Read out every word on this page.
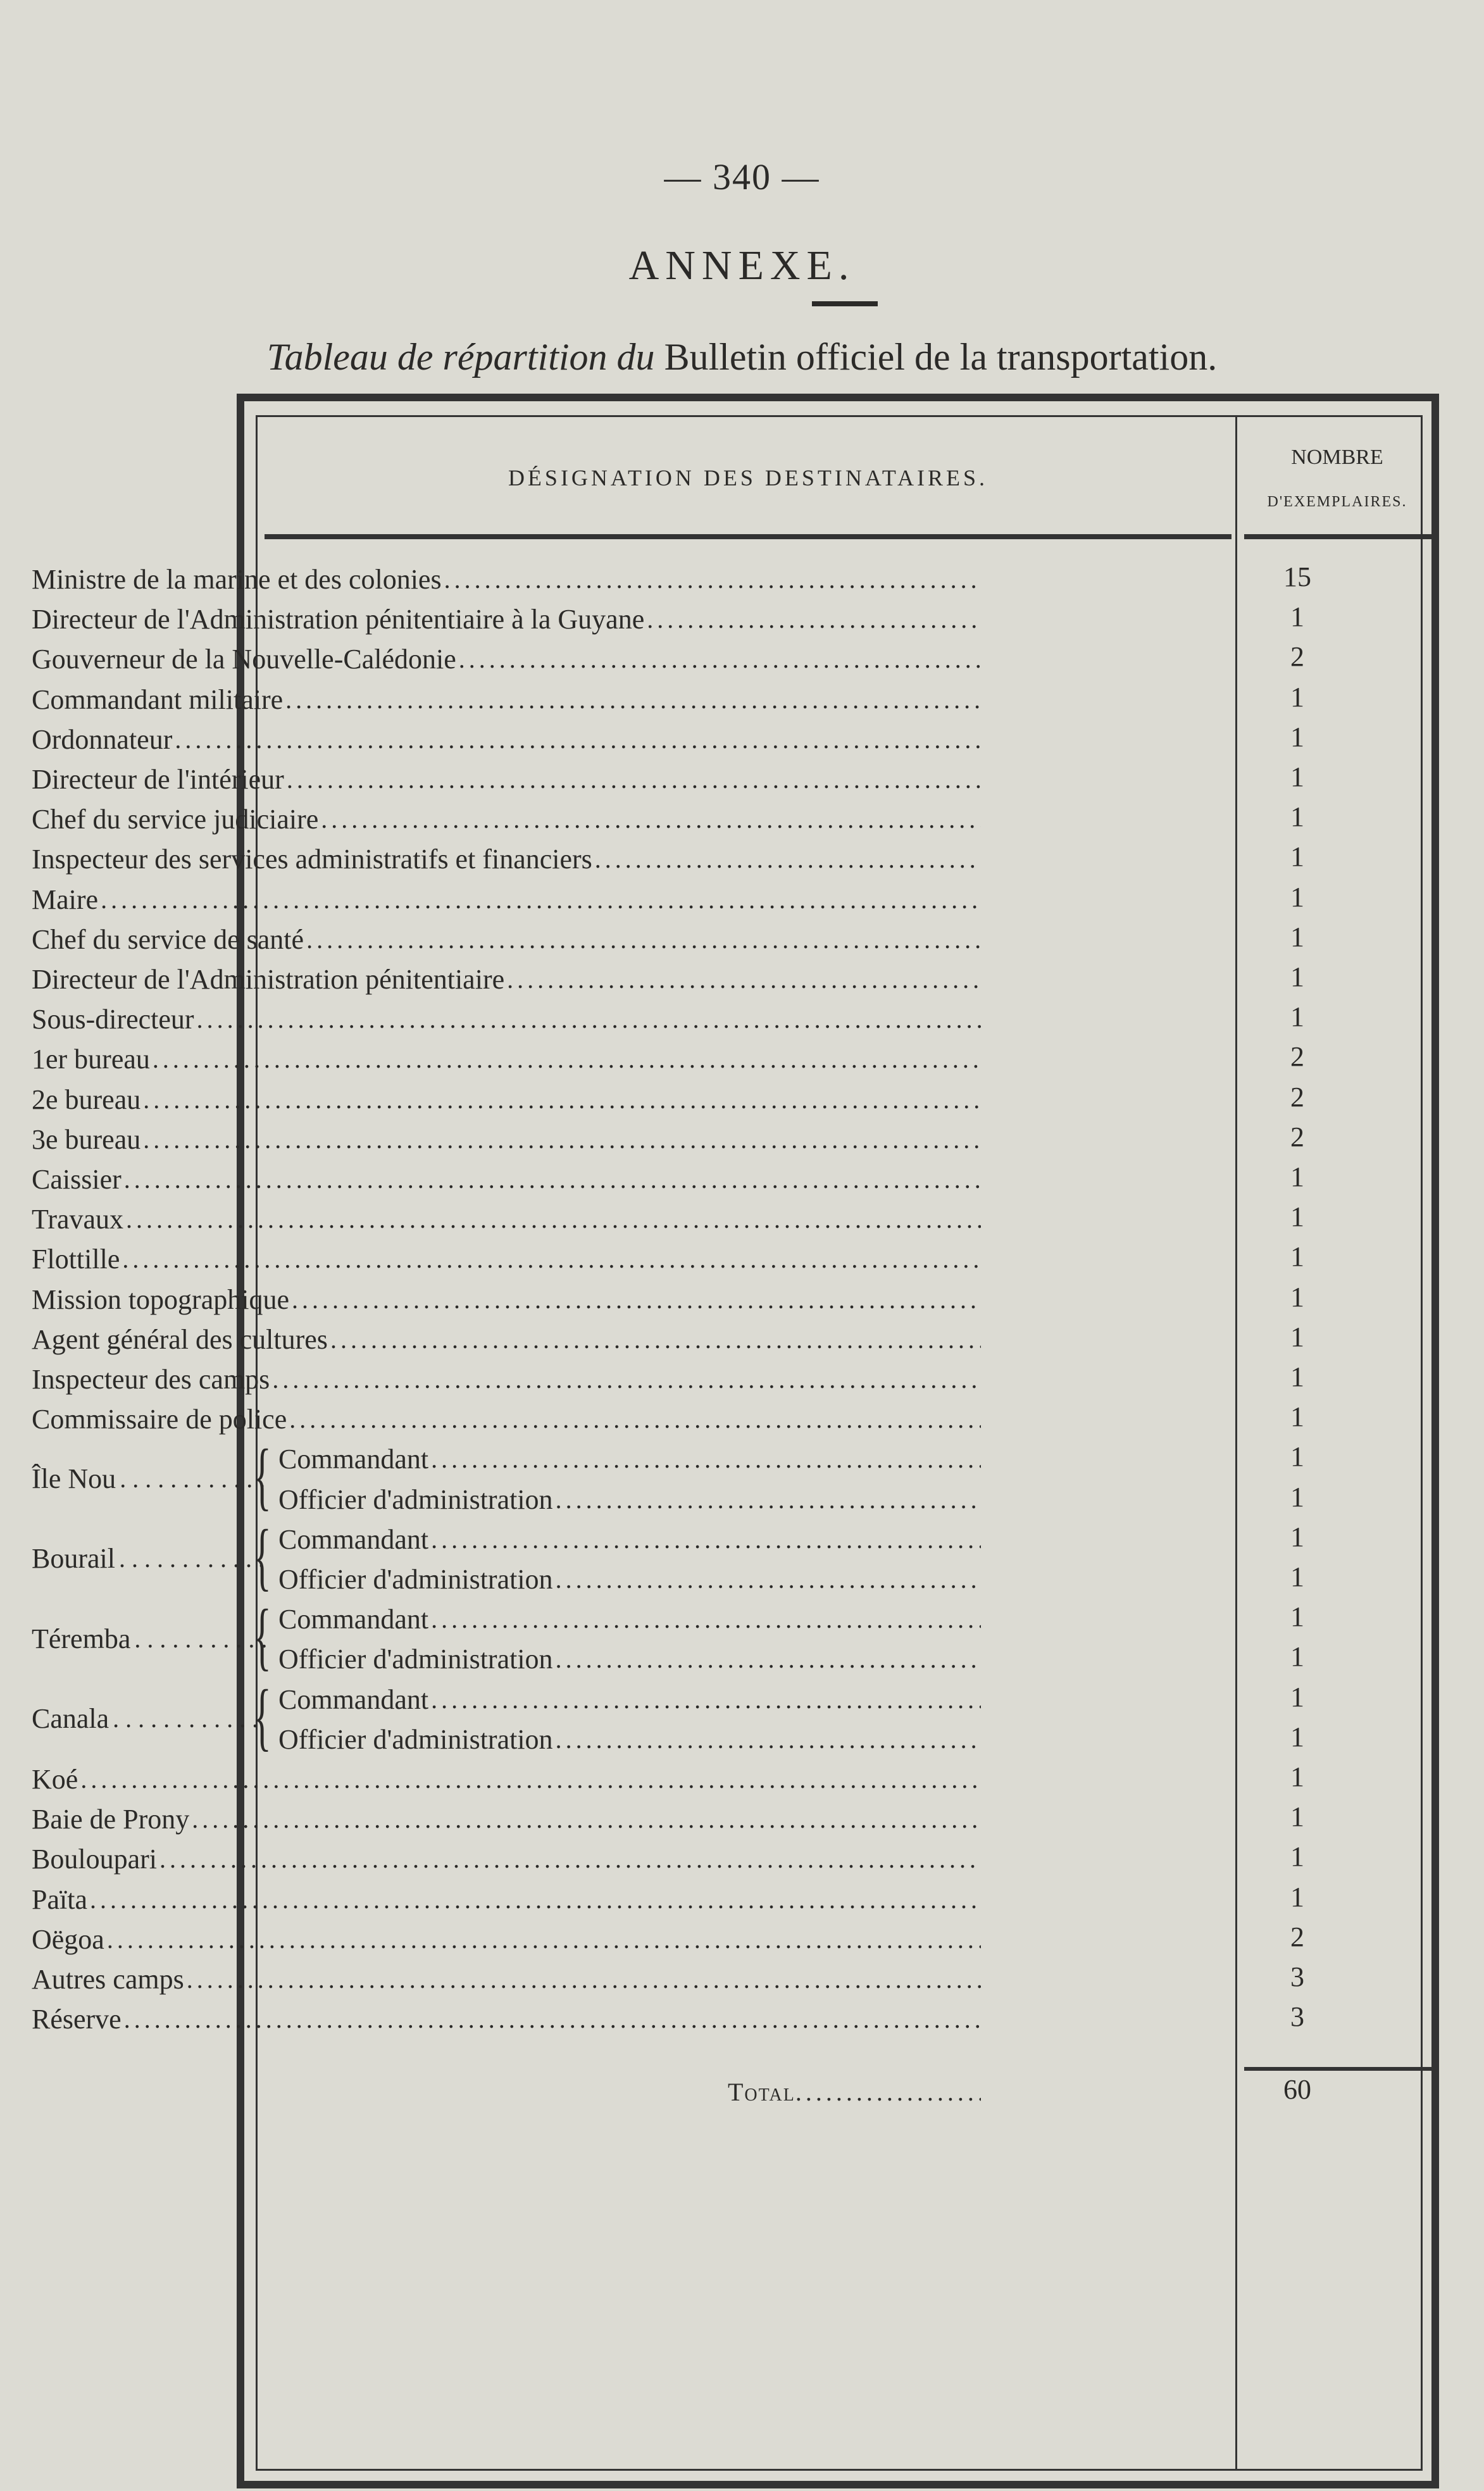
— 340 —
ANNEXE.
Tableau de répartition du Bulletin officiel de la transportation.
DÉSIGNATION DES DESTINATAIRES.
NOMBRE
D'EXEMPLAIRES.
Ministre de la marine et des colonies . . .	15
Directeur de l'Administration pénitentiaire à la Guyane . . .	1
Gouverneur de la Nouvelle-Calédonie . . .	2
Commandant militaire . . .	1
Ordonnateur . . .	1
Directeur de l'intérieur . . .	1
Chef du service judiciaire . . .	1
Inspecteur des services administratifs et financiers . . .	1
Maire . . .	1
Chef du service de santé . . .	1
Directeur de l'Administration pénitentiaire . . .	1
Sous-directeur . . .	1
1er bureau . . .	2
2e bureau . . .	2
3e bureau . . .	2
Caissier . . .	1
Travaux . . .	1
Flottille . . .	1
Mission topographique . . .	1
Agent général des cultures . . .	1
Inspecteur des camps . . .	1
Commissaire de police . . .	1
Île Nou . . . { Commandant . . .	1
Officier d'administration . . .	1
Bourail . . . { Commandant . . .	1
Officier d'administration . . .	1
Téremba . . . { Commandant . . .	1
Officier d'administration . . .	1
Canala . . . { Commandant . . .	1
Officier d'administration . . .	1
Koé . . .	1
Baie de Prony . . .	1
Bouloupari . . .	1
Païta . . .	1
Oëgoa . . .	2
Autres camps . . .	3
Réserve . . .	3
Total . . .	60
